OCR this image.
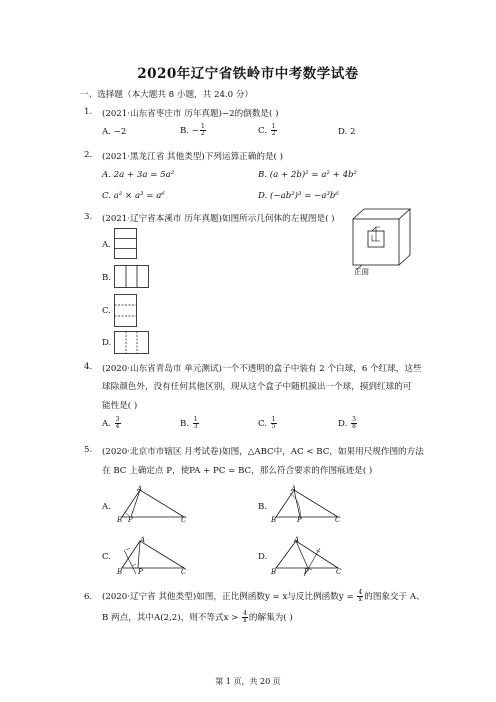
2020年辽宁省铁岭市中考数学试卷
一、选择题（本大题共 8 小题，共 24.0 分）
1. (2021·山东省枣庄市 历年真题)−2的倒数是( )
A. −2	B. − $\frac{1}{2}$	C. $\frac{1}{2}$	D. 2
2. (2021·黑龙江省 其他类型)下列运算正确的是( )
A. 2a + 3a = 5a²	B. (a + 2b)² = a² + 4b²
C. a² × a³ = a⁶	D. (−ab²)³ = −a³b⁶
3. (2021·辽宁省本溪市 历年真题)如图所示几何体的左视图是( )
A.
B.
C.
D.
正面
4. (2020·山东省青岛市 单元测试)一个不透明的盒子中装有 2 个白球，6 个红球，这些
球除颜色外，没有任何其他区别，现从这个盒子中随机摸出一个球，摸到红球的可
能性是( )
A. $\frac{3}{4}$	B. $\frac{1}{3}$	C. $\frac{1}{5}$	D. $\frac{3}{8}$
5. (2020·北京市市辖区 月考试卷)如图，△ABC中，AC < BC，如果用尺规作图的方法
在 BC 上确定点 P，使PA + PC = BC，那么符合要求的作图痕迹是( )
A.	B.
C.	D.
A
B P	C
A
B	P	C
A
B P	C
A
B	P	C
6. (2020·辽宁省 其他类型)如图，正比例函数y = x与反比例函数$y = \frac{4}{x}$ 的图象交于 A、
B 两点，其中A(2,2)，则不等式$x > \frac{4}{x}$ 的解集为( )
第 1 页，共 20 页
